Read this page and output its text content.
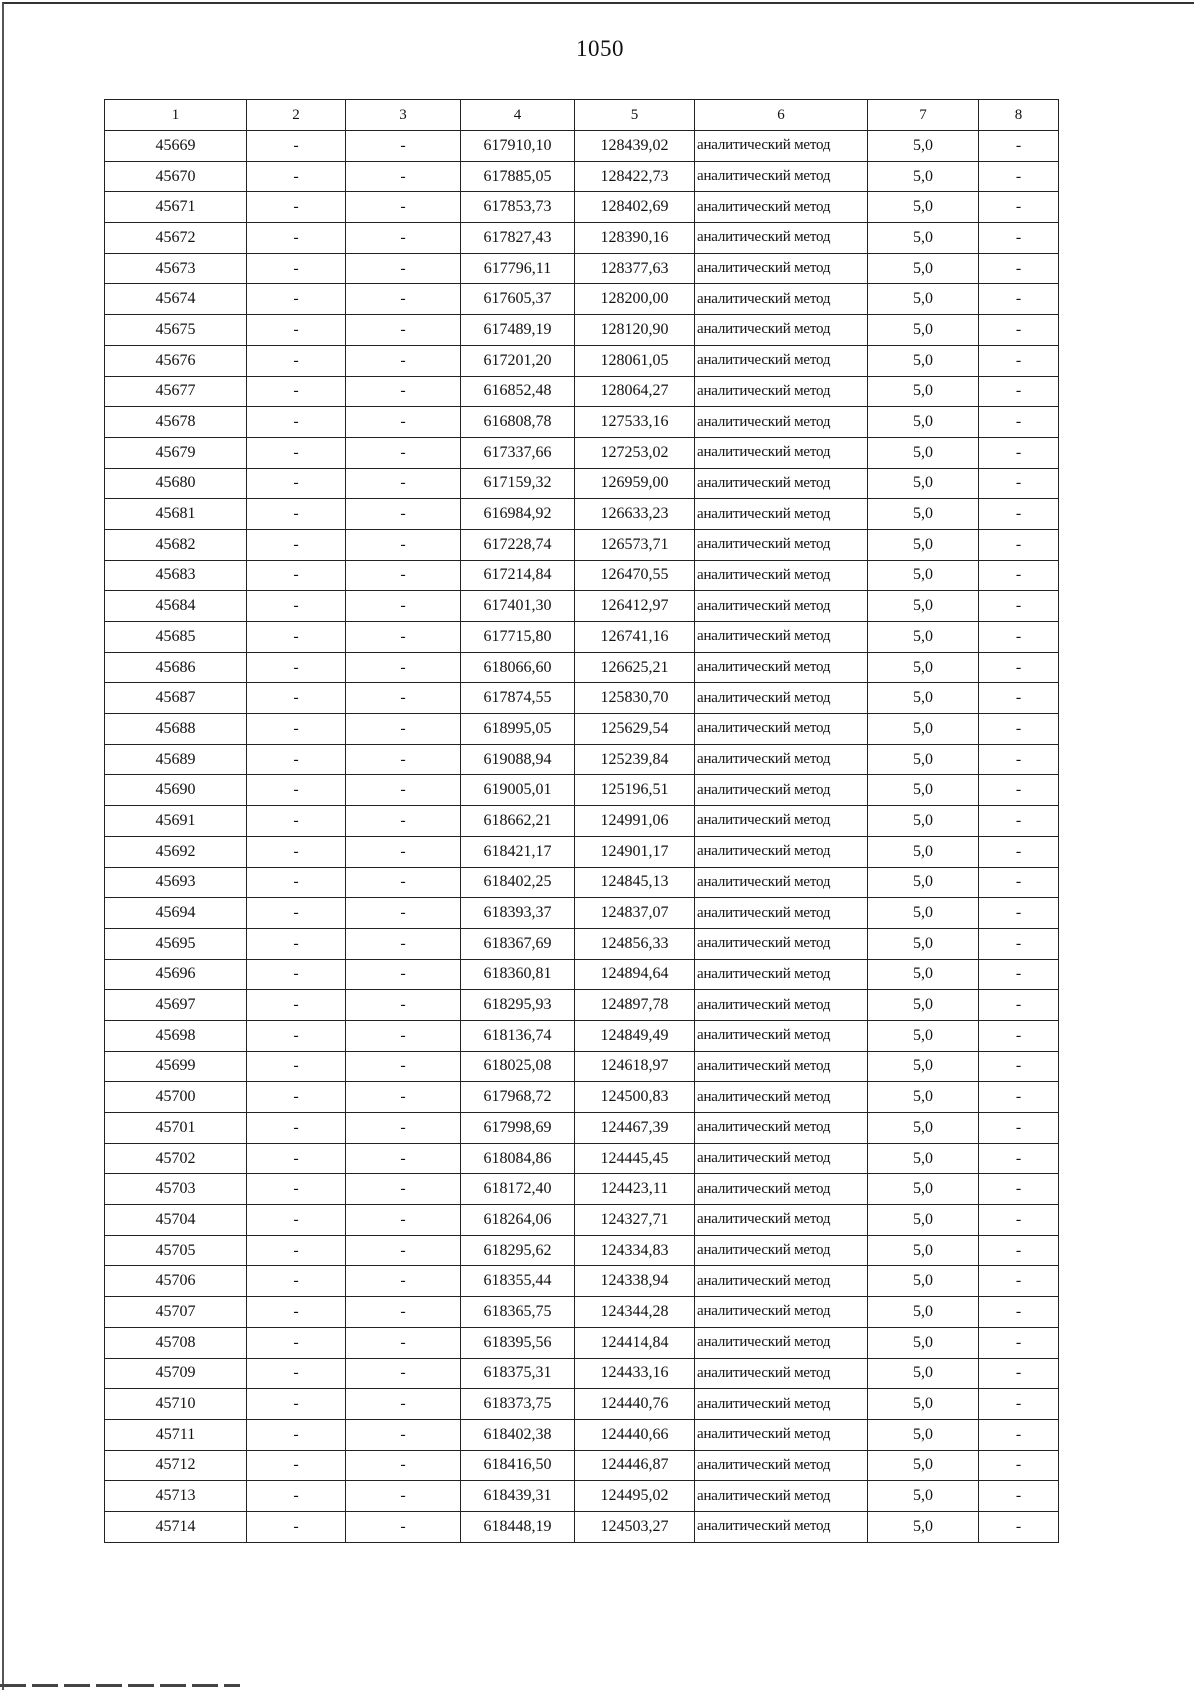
1050
1	2	3	4	5	6	7	8
45669	-	-	617910,10	128439,02	аналитический метод	5,0	-
45670	-	-	617885,05	128422,73	аналитический метод	5,0	-
45671	-	-	617853,73	128402,69	аналитический метод	5,0	-
45672	-	-	617827,43	128390,16	аналитический метод	5,0	-
45673	-	-	617796,11	128377,63	аналитический метод	5,0	-
45674	-	-	617605,37	128200,00	аналитический метод	5,0	-
45675	-	-	617489,19	128120,90	аналитический метод	5,0	-
45676	-	-	617201,20	128061,05	аналитический метод	5,0	-
45677	-	-	616852,48	128064,27	аналитический метод	5,0	-
45678	-	-	616808,78	127533,16	аналитический метод	5,0	-
45679	-	-	617337,66	127253,02	аналитический метод	5,0	-
45680	-	-	617159,32	126959,00	аналитический метод	5,0	-
45681	-	-	616984,92	126633,23	аналитический метод	5,0	-
45682	-	-	617228,74	126573,71	аналитический метод	5,0	-
45683	-	-	617214,84	126470,55	аналитический метод	5,0	-
45684	-	-	617401,30	126412,97	аналитический метод	5,0	-
45685	-	-	617715,80	126741,16	аналитический метод	5,0	-
45686	-	-	618066,60	126625,21	аналитический метод	5,0	-
45687	-	-	617874,55	125830,70	аналитический метод	5,0	-
45688	-	-	618995,05	125629,54	аналитический метод	5,0	-
45689	-	-	619088,94	125239,84	аналитический метод	5,0	-
45690	-	-	619005,01	125196,51	аналитический метод	5,0	-
45691	-	-	618662,21	124991,06	аналитический метод	5,0	-
45692	-	-	618421,17	124901,17	аналитический метод	5,0	-
45693	-	-	618402,25	124845,13	аналитический метод	5,0	-
45694	-	-	618393,37	124837,07	аналитический метод	5,0	-
45695	-	-	618367,69	124856,33	аналитический метод	5,0	-
45696	-	-	618360,81	124894,64	аналитический метод	5,0	-
45697	-	-	618295,93	124897,78	аналитический метод	5,0	-
45698	-	-	618136,74	124849,49	аналитический метод	5,0	-
45699	-	-	618025,08	124618,97	аналитический метод	5,0	-
45700	-	-	617968,72	124500,83	аналитический метод	5,0	-
45701	-	-	617998,69	124467,39	аналитический метод	5,0	-
45702	-	-	618084,86	124445,45	аналитический метод	5,0	-
45703	-	-	618172,40	124423,11	аналитический метод	5,0	-
45704	-	-	618264,06	124327,71	аналитический метод	5,0	-
45705	-	-	618295,62	124334,83	аналитический метод	5,0	-
45706	-	-	618355,44	124338,94	аналитический метод	5,0	-
45707	-	-	618365,75	124344,28	аналитический метод	5,0	-
45708	-	-	618395,56	124414,84	аналитический метод	5,0	-
45709	-	-	618375,31	124433,16	аналитический метод	5,0	-
45710	-	-	618373,75	124440,76	аналитический метод	5,0	-
45711	-	-	618402,38	124440,66	аналитический метод	5,0	-
45712	-	-	618416,50	124446,87	аналитический метод	5,0	-
45713	-	-	618439,31	124495,02	аналитический метод	5,0	-
45714	-	-	618448,19	124503,27	аналитический метод	5,0	-
